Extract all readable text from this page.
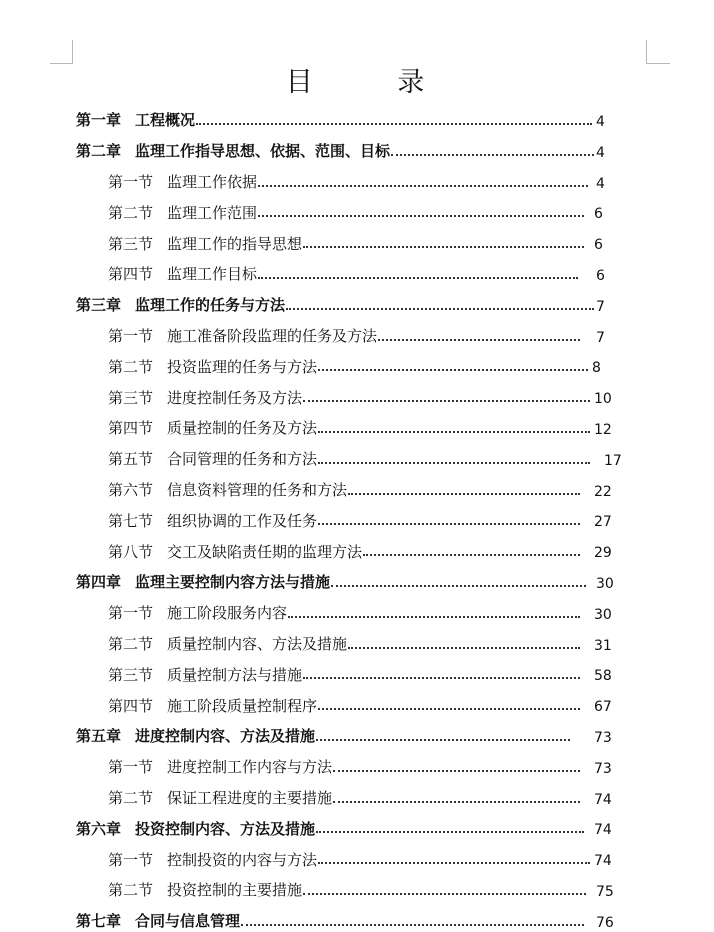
目 录
第一章 工程概况	4
第二章 监理工作指导思想、依据、范围、目标	4
第一节 监理工作依据	4
第二节 监理工作范围	6
第三节 监理工作的指导思想	6
第四节 监理工作目标	6
第三章 监理工作的任务与方法	7
第一节 施工准备阶段监理的任务及方法	7
第二节 投资监理的任务与方法	8
第三节 进度控制任务及方法	10
第四节 质量控制的任务及方法	12
第五节 合同管理的任务和方法	17
第六节 信息资料管理的任务和方法	22
第七节 组织协调的工作及任务	27
第八节 交工及缺陷责任期的监理方法	29
第四章 监理主要控制内容方法与措施	30
第一节 施工阶段服务内容	30
第二节 质量控制内容、方法及措施	31
第三节 质量控制方法与措施	58
第四节 施工阶段质量控制程序	67
第五章 进度控制内容、方法及措施	73
第一节 进度控制工作内容与方法	73
第二节 保证工程进度的主要措施	74
第六章 投资控制内容、方法及措施	74
第一节 控制投资的内容与方法	74
第二节 投资控制的主要措施	75
第七章 合同与信息管理	76
